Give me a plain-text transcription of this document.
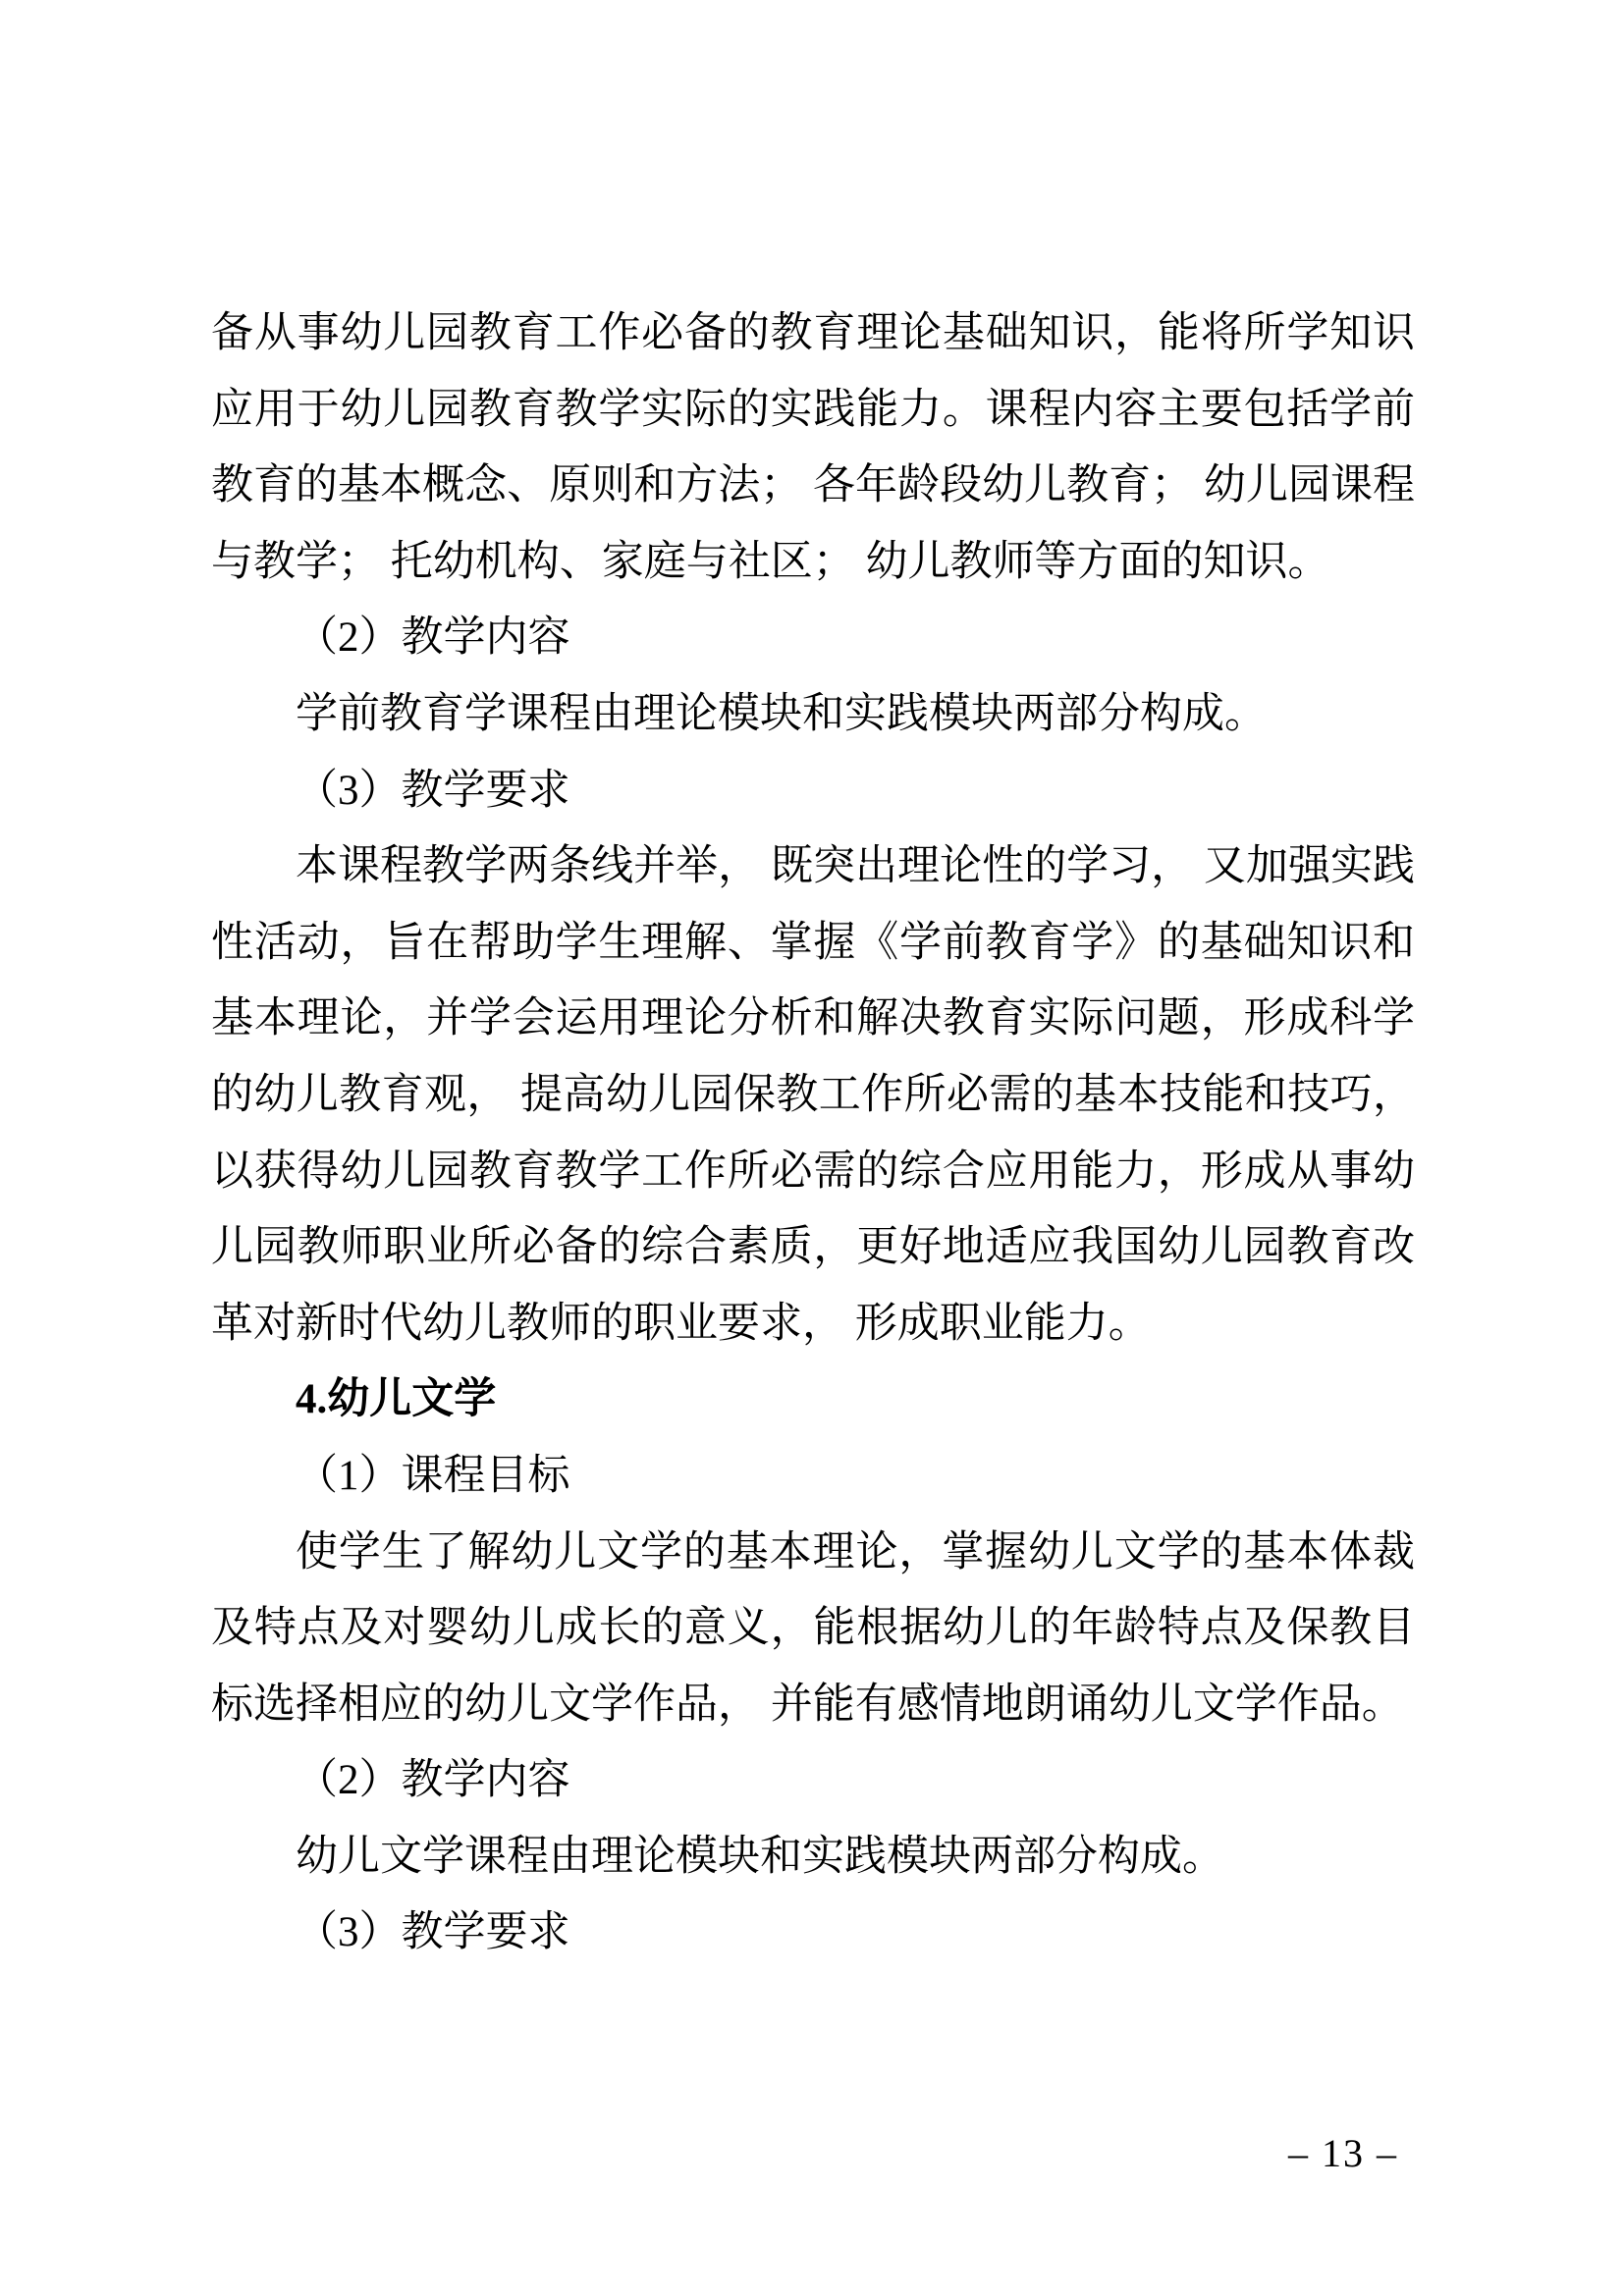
备从事幼儿园教育工作必备的教育理论基础知识，能将所学知识
应用于幼儿园教育教学实际的实践能力。课程内容主要包括学前
教育的基本概念、原则和方法； 各年龄段幼儿教育； 幼儿园课程
与教学； 托幼机构、家庭与社区； 幼儿教师等方面的知识。
（2）教学内容
学前教育学课程由理论模块和实践模块两部分构成。
（3）教学要求
本课程教学两条线并举， 既突出理论性的学习， 又加强实践
性活动，旨在帮助学生理解、掌握《学前教育学》的基础知识和
基本理论，并学会运用理论分析和解决教育实际问题，形成科学
的幼儿教育观， 提高幼儿园保教工作所必需的基本技能和技巧，
以获得幼儿园教育教学工作所必需的综合应用能力，形成从事幼
儿园教师职业所必备的综合素质，更好地适应我国幼儿园教育改
革对新时代幼儿教师的职业要求， 形成职业能力。
4.幼儿文学
（1）课程目标
使学生了解幼儿文学的基本理论，掌握幼儿文学的基本体裁
及特点及对婴幼儿成长的意义，能根据幼儿的年龄特点及保教目
标选择相应的幼儿文学作品， 并能有感情地朗诵幼儿文学作品。
（2）教学内容
幼儿文学课程由理论模块和实践模块两部分构成。
（3）教学要求
– 13 –
